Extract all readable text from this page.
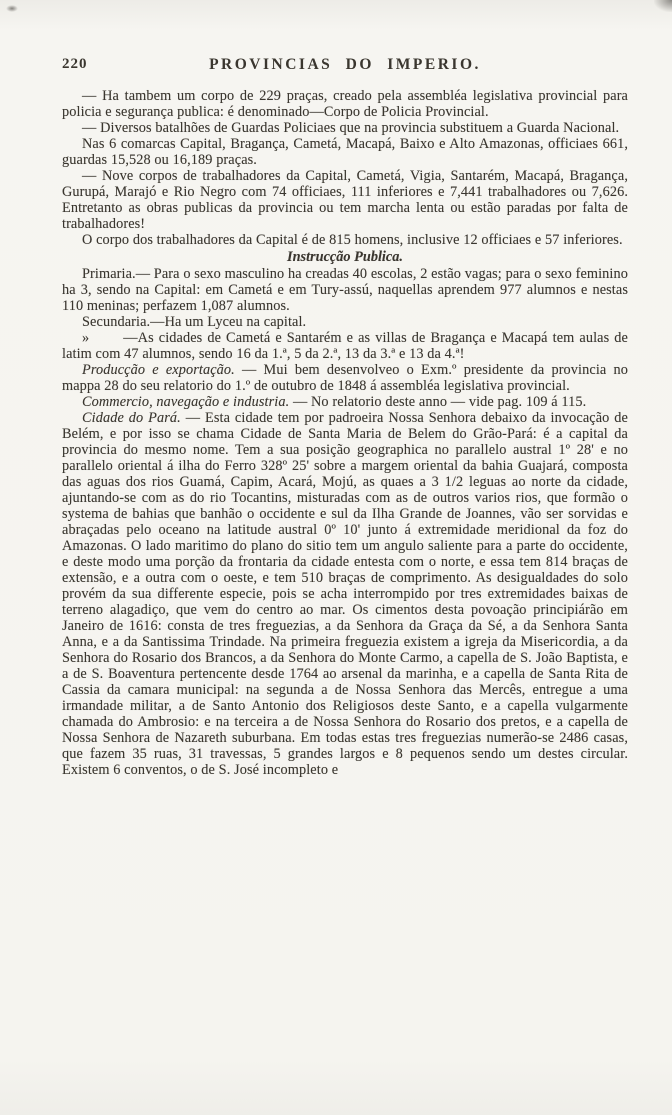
220	PROVINCIAS DO IMPERIO.

— Ha tambem um corpo de 229 praças, creado pela assembléa legislativa provincial para policia e segurança publica: é denominado—Corpo de Policia Provincial.

— Diversos batalhões de Guardas Policiaes que na provincia substituem a Guarda Nacional.

Nas 6 comarcas Capital, Bragança, Cametá, Macapá, Baixo e Alto Amazonas, officiaes 661, guardas 15,528 ou 16,189 praças.

— Nove corpos de trabalhadores da Capital, Cametá, Vigia, Santarém, Macapá, Bragança, Gurupá, Marajó e Rio Negro com 74 officiaes, 111 inferiores e 7,441 trabalhadores ou 7,626. Entretanto as obras publicas da provincia ou tem marcha lenta ou estão paradas por falta de trabalhadores!

O corpo dos trabalhadores da Capital é de 815 homens, inclusive 12 officiaes e 57 inferiores.

Instrucção Publica.

Primaria.— Para o sexo masculino ha creadas 40 escolas, 2 estão vagas; para o sexo feminino ha 3, sendo na Capital: em Cametá e em Tury-assú, naquellas aprendem 977 alumnos e nestas 110 meninas; perfazem 1,087 alumnos.

Secundaria.—Ha um Lyceu na capital.

» —As cidades de Cametá e Santarém e as villas de Bragança e Macapá tem aulas de latim com 47 alumnos, sendo 16 da 1.ª, 5 da 2.ª, 13 da 3.ª e 13 da 4.ª!

Producção e exportação. — Mui bem desenvolveo o Exm.º presidente da provincia no mappa 28 do seu relatorio do 1.º de outubro de 1848 á assembléa legislativa provincial.

Commercio, navegação e industria. — No relatorio deste anno — vide pag. 109 á 115.

Cidade do Pará. — Esta cidade tem por padroeira Nossa Senhora debaixo da invocação de Belém, e por isso se chama Cidade de Santa Maria de Belem do Grão-Pará: é a capital da provincia do mesmo nome. Tem a sua posição geographica no parallelo austral 1º 28' e no parallelo oriental á ilha do Ferro 328º 25' sobre a margem oriental da bahia Guajará, composta das aguas dos rios Guamá, Capim, Acará, Mojú, as quaes a 3 1/2 leguas ao norte da cidade, ajuntando-se com as do rio Tocantins, misturadas com as de outros varios rios, que formão o systema de bahias que banhão o occidente e sul da Ilha Grande de Joannes, vão ser sorvidas e abraçadas pelo oceano na latitude austral 0º 10' junto á extremidade meridional da foz do Amazonas. O lado maritimo do plano do sitio tem um angulo saliente para a parte do occidente, e deste modo uma porção da frontaria da cidade entesta com o norte, e essa tem 814 braças de extensão, e a outra com o oeste, e tem 510 braças de comprimento. As desigualdades do solo provém da sua differente especie, pois se acha interrompido por tres extremidades baixas de terreno alagadiço, que vem do centro ao mar. Os cimentos desta povoação principiárão em Janeiro de 1616: consta de tres freguezias, a da Senhora da Graça da Sé, a da Senhora Santa Anna, e a da Santissima Trindade. Na primeira freguezia existem a igreja da Misericordia, a da Senhora do Rosario dos Brancos, a da Senhora do Monte Carmo, a capella de S. João Baptista, e a de S. Boaventura pertencente desde 1764 ao arsenal da marinha, e a capella de Santa Rita de Cassia da camara municipal: na segunda a de Nossa Senhora das Mercês, entregue a uma irmandade militar, a de Santo Antonio dos Religiosos deste Santo, e a capella vulgarmente chamada do Ambrosio: e na terceira a de Nossa Senhora do Rosario dos pretos, e a capella de Nossa Senhora de Nazareth suburbana. Em todas estas tres freguezias numerão-se 2486 casas, que fazem 35 ruas, 31 travessas, 5 grandes largos e 8 pequenos sendo um destes circular. Existem 6 conventos, o de S. José incompleto e
